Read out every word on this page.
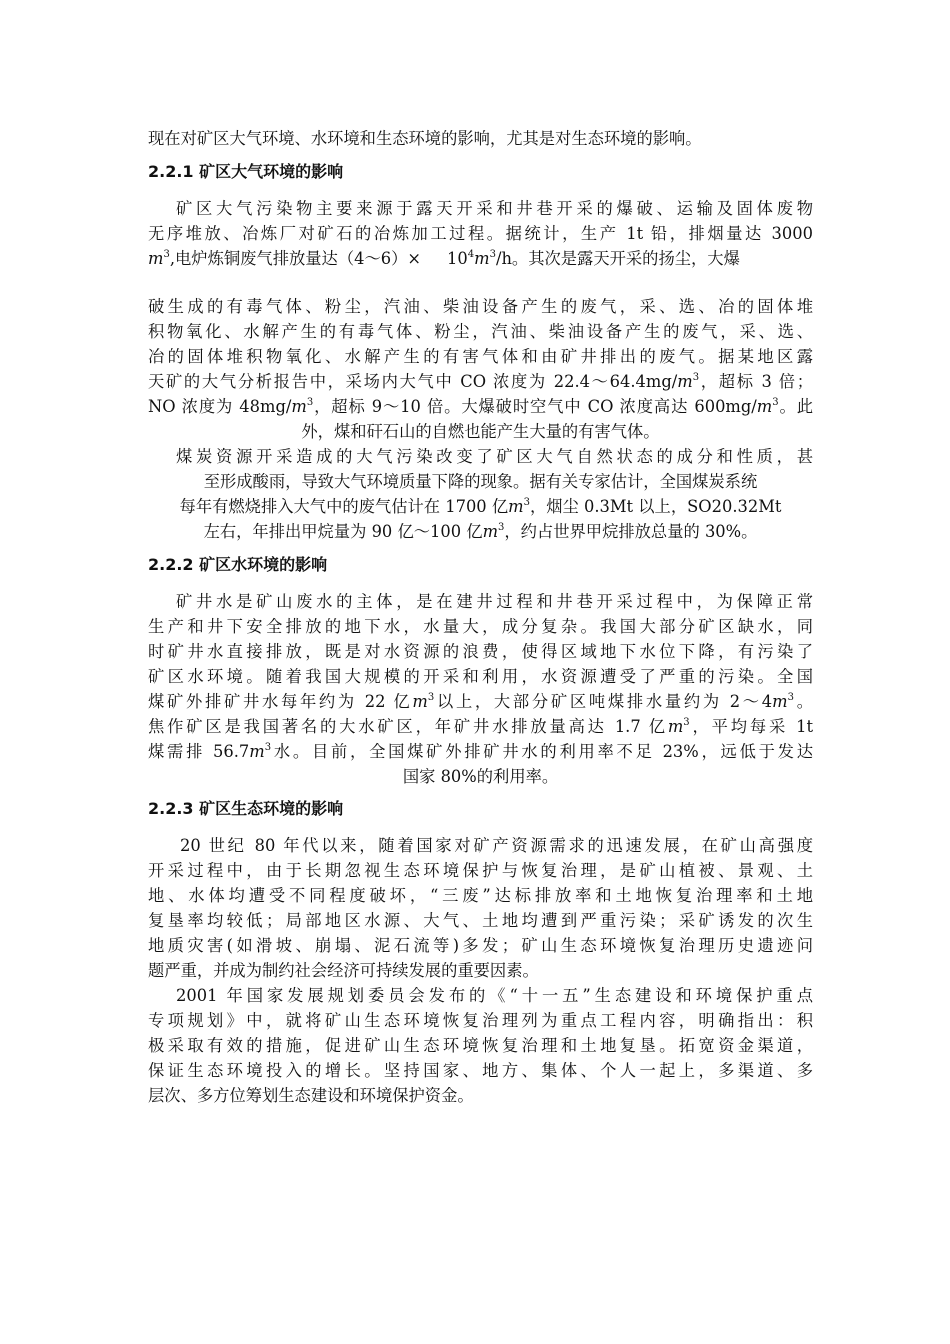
现在对矿区大气环境、水环境和生态环境的影响，尤其是对生态环境的影响。
2.2.1 矿区大气环境的影响
矿区大气污染物主要来源于露天开采和井巷开采的爆破、运输及固体废物
无序堆放、冶炼厂对矿石的冶炼加工过程。据统计，生产 1t 铅，排烟量达 3000
$m^3$,电炉炼铜废气排放量达（4～6）× $10^4m^3/h$。其次是露天开采的扬尘，大爆
破生成的有毒气体、粉尘，汽油、柴油设备产生的废气，采、选、冶的固体堆
积物氧化、水解产生的有毒气体、粉尘，汽油、柴油设备产生的废气，采、选、
冶的固体堆积物氧化、水解产生的有害气体和由矿井排出的废气。据某地区露
天矿的大气分析报告中，采场内大气中 CO 浓度为 $22.4\sim 64.4mg/m^3$，超标 3 倍；
NO 浓度为 $48mg/m^3$，超标 9～10 倍。大爆破时空气中 CO 浓度高达 $600mg/m^3$。此
外，煤和矸石山的自燃也能产生大量的有害气体。
煤炭资源开采造成的大气污染改变了矿区大气自然状态的成分和性质，甚
至形成酸雨，导致大气环境质量下降的现象。据有关专家估计，全国煤炭系统
每年有燃烧排入大气中的废气估计在 1700 亿$m^3$，烟尘 0.3Mt 以上，SO20.32Mt
左右，年排出甲烷量为 90 亿～100 亿$m^3$，约占世界甲烷排放总量的 30%。
2.2.2 矿区水环境的影响
矿井水是矿山废水的主体，是在建井过程和井巷开采过程中，为保障正常
生产和井下安全排放的地下水，水量大，成分复杂。我国大部分矿区缺水，同
时矿井水直接排放，既是对水资源的浪费，使得区域地下水位下降，有污染了
矿区水环境。随着我国大规模的开采和利用，水资源遭受了严重的污染。全国
煤矿外排矿井水每年约为 22 亿$m^3$以上，大部分矿区吨煤排水量约为 $2\sim 4m^3$。
焦作矿区是我国著名的大水矿区，年矿井水排放量高达 1.7 亿$m^3$，平均每采 1t
煤需排 $56.7m^3$水。目前，全国煤矿外排矿井水的利用率不足 23%，远低于发达
国家 80%的利用率。
2.2.3 矿区生态环境的影响
20 世纪 80 年代以来，随着国家对矿产资源需求的迅速发展，在矿山高强度
开采过程中，由于长期忽视生态环境保护与恢复治理，是矿山植被、景观、土
地、水体均遭受不同程度破坏，“三废”达标排放率和土地恢复治理率和土地
复垦率均较低；局部地区水源、大气、土地均遭到严重污染；采矿诱发的次生
地质灾害(如滑坡、崩塌、泥石流等)多发；矿山生态环境恢复治理历史遗迹问
题严重，并成为制约社会经济可持续发展的重要因素。
2001 年国家发展规划委员会发布的《“十一五”生态建设和环境保护重点
专项规划》中，就将矿山生态环境恢复治理列为重点工程内容，明确指出：积
极采取有效的措施，促进矿山生态环境恢复治理和土地复垦。拓宽资金渠道，
保证生态环境投入的增长。坚持国家、地方、集体、个人一起上，多渠道、多
层次、多方位筹划生态建设和环境保护资金。
